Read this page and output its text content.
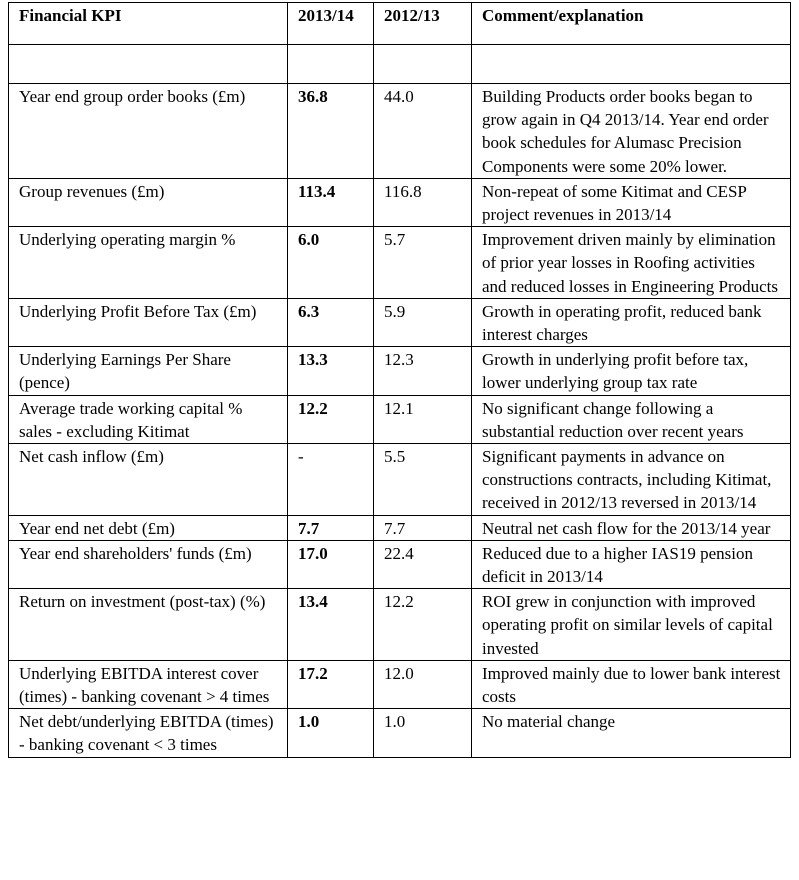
Financial KPI	2013/14	2012/13	Comment/explanation

Year end group order books (£m)	36.8	44.0	Building Products order books began to grow again in Q4 2013/14. Year end order book schedules for Alumasc Precision Components were some 20% lower.
Group revenues (£m)	113.4	116.8	Non-repeat of some Kitimat and CESP project revenues in 2013/14
Underlying operating margin %	6.0	5.7	Improvement driven mainly by elimination of prior year losses in Roofing activities and reduced losses in Engineering Products
Underlying Profit Before Tax (£m)	6.3	5.9	Growth in operating profit, reduced bank interest charges
Underlying Earnings Per Share (pence)	13.3	12.3	Growth in underlying profit before tax, lower underlying group tax rate
Average trade working capital % sales - excluding Kitimat	12.2	12.1	No significant change following a substantial reduction over recent years
Net cash inflow (£m)	-	5.5	Significant payments in advance on constructions contracts, including Kitimat, received in 2012/13 reversed in 2013/14
Year end net debt (£m)	7.7	7.7	Neutral net cash flow for the 2013/14 year
Year end shareholders' funds (£m)	17.0	22.4	Reduced due to a higher IAS19 pension deficit in 2013/14
Return on investment (post-tax) (%)	13.4	12.2	ROI grew in conjunction with improved operating profit on similar levels of capital invested
Underlying EBITDA interest cover (times) - banking covenant > 4 times	17.2	12.0	Improved mainly due to lower bank interest costs
Net debt/underlying EBITDA (times) - banking covenant < 3 times	1.0	1.0	No material change
